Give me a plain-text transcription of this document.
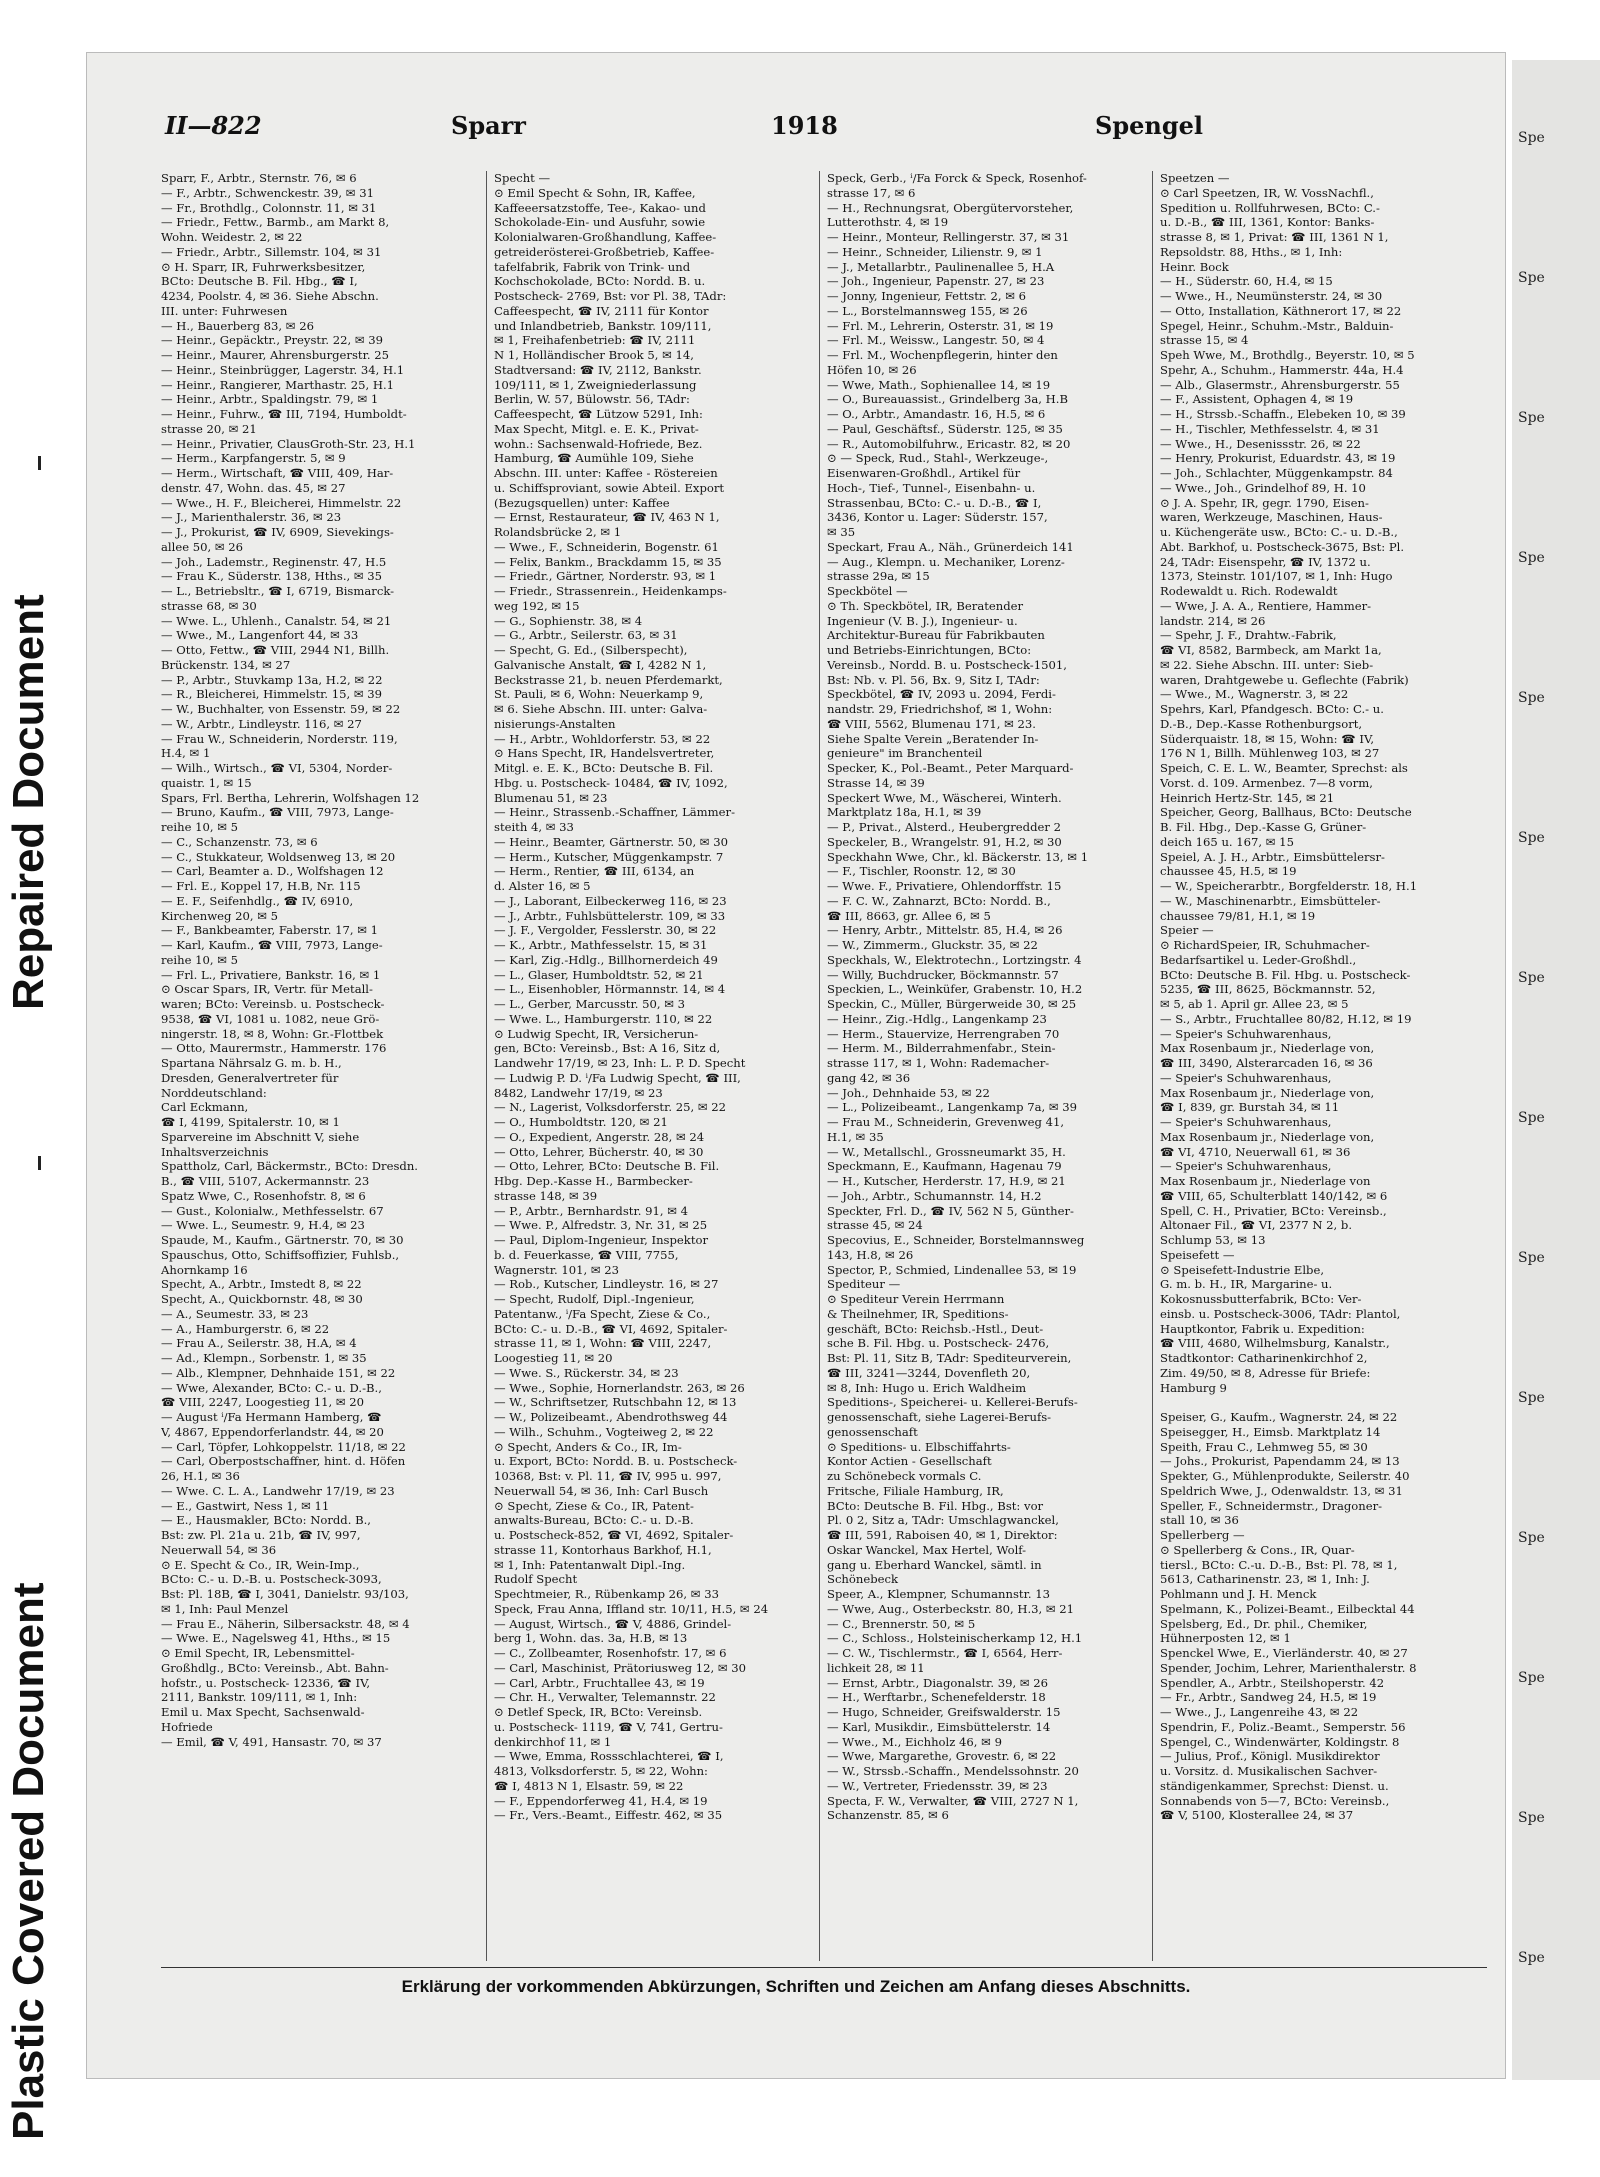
Repaired Document
Plastic Covered Document
Spe
Spe
Spe
Spe
Spe
Spe
Spe
Spe
Spe
Spe
Spe
Spe
Spe
Spe
II—822	Sparr	1918	Spengel
Sparr, F., Arbtr., Sternstr. 76, ✉ 6
— F., Arbtr., Schwenckestr. 39, ✉ 31
— Fr., Brothdlg., Colonnstr. 11, ✉ 31
— Friedr., Fettw., Barmb., am Markt 8,
Wohn. Weidestr. 2, ✉ 22
— Friedr., Arbtr., Sillemstr. 104, ✉ 31
⊙ H. Sparr, IR, Fuhrwerksbesitzer,
BCto: Deutsche B. Fil. Hbg., ☎ I,
4234, Poolstr. 4, ✉ 36. Siehe Abschn.
III. unter: Fuhrwesen
— H., Bauerberg 83, ✉ 26
— Heinr., Gepäcktr., Preystr. 22, ✉ 39
— Heinr., Maurer, Ahrensburgerstr. 25
— Heinr., Steinbrügger, Lagerstr. 34, H.1
— Heinr., Rangierer, Marthastr. 25, H.1
— Heinr., Arbtr., Spaldingstr. 79, ✉ 1
— Heinr., Fuhrw., ☎ III, 7194, Humboldt-
strasse 20, ✉ 21
— Heinr., Privatier, ClausGroth-Str. 23, H.1
— Herm., Karpfangerstr. 5, ✉ 9
— Herm., Wirtschaft, ☎ VIII, 409, Har-
denstr. 47, Wohn. das. 45, ✉ 27
— Wwe., H. F., Bleicherei, Himmelstr. 22
— J., Marienthalerstr. 36, ✉ 23
— J., Prokurist, ☎ IV, 6909, Sievekings-
allee 50, ✉ 26
— Joh., Lademstr., Reginenstr. 47, H.5
— Frau K., Süderstr. 138, Hths., ✉ 35
— L., Betriebsltr., ☎ I, 6719, Bismarck-
strasse 68, ✉ 30
— Wwe. L., Uhlenh., Canalstr. 54, ✉ 21
— Wwe., M., Langenfort 44, ✉ 33
— Otto, Fettw., ☎ VIII, 2944 N1, Billh.
Brückenstr. 134, ✉ 27
— P., Arbtr., Stuvkamp 13a, H.2, ✉ 22
— R., Bleicherei, Himmelstr. 15, ✉ 39
— W., Buchhalter, von Essenstr. 59, ✉ 22
— W., Arbtr., Lindleystr. 116, ✉ 27
— Frau W., Schneiderin, Norderstr. 119,
H.4, ✉ 1
— Wilh., Wirtsch., ☎ VI, 5304, Norder-
quaistr. 1, ✉ 15
Spars, Frl. Bertha, Lehrerin, Wolfshagen 12
— Bruno, Kaufm., ☎ VIII, 7973, Lange-
reihe 10, ✉ 5
— C., Schanzenstr. 73, ✉ 6
— C., Stukkateur, Woldsenweg 13, ✉ 20
— Carl, Beamter a. D., Wolfshagen 12
— Frl. E., Koppel 17, H.B, Nr. 115
— E. F., Seifenhdlg., ☎ IV, 6910,
Kirchenweg 20, ✉ 5
— F., Bankbeamter, Faberstr. 17, ✉ 1
— Karl, Kaufm., ☎ VIII, 7973, Lange-
reihe 10, ✉ 5
— Frl. L., Privatiere, Bankstr. 16, ✉ 1
⊙ Oscar Spars, IR, Vertr. für Metall-
waren; BCto: Vereinsb. u. Postscheck-
9538, ☎ VI, 1081 u. 1082, neue Grö-
ningerstr. 18, ✉ 8, Wohn: Gr.-Flottbek
— Otto, Maurermstr., Hammerstr. 176
Spartana Nährsalz G. m. b. H.,
Dresden, Generalvertreter für
Norddeutschland:
Carl Eckmann,
☎ I, 4199, Spitalerstr. 10, ✉ 1
Sparvereine im Abschnitt V, siehe
Inhaltsverzeichnis
Spattholz, Carl, Bäckermstr., BCto: Dresdn.
B., ☎ VIII, 5107, Ackermannstr. 23
Spatz Wwe, C., Rosenhofstr. 8, ✉ 6
— Gust., Kolonialw., Methfesselstr. 67
— Wwe. L., Seumestr. 9, H.4, ✉ 23
Spaude, M., Kaufm., Gärtnerstr. 70, ✉ 30
Spauschus, Otto, Schiffsoffizier, Fuhlsb.,
Ahornkamp 16
Specht, A., Arbtr., Imstedt 8, ✉ 22
Specht, A., Quickbornstr. 48, ✉ 30
— A., Seumestr. 33, ✉ 23
— A., Hamburgerstr. 6, ✉ 22
— Frau A., Seilerstr. 38, H.A, ✉ 4
— Ad., Klempn., Sorbenstr. 1, ✉ 35
— Alb., Klempner, Dehnhaide 151, ✉ 22
— Wwe, Alexander, BCto: C.- u. D.-B.,
☎ VIII, 2247, Loogestieg 11, ✉ 20
— August ⁱ/Fa Hermann Hamberg, ☎
V, 4867, Eppendorferlandstr. 44, ✉ 20
— Carl, Töpfer, Lohkoppelstr. 11/18, ✉ 22
— Carl, Oberpostschaffner, hint. d. Höfen
26, H.1, ✉ 36
— Wwe. C. L. A., Landwehr 17/19, ✉ 23
— E., Gastwirt, Ness 1, ✉ 11
— E., Hausmakler, BCto: Nordd. B.,
Bst: zw. Pl. 21a u. 21b, ☎ IV, 997,
Neuerwall 54, ✉ 36
⊙ E. Specht & Co., IR, Wein-Imp.,
BCto: C.- u. D.-B. u. Postscheck-3093,
Bst: Pl. 18B, ☎ I, 3041, Danielstr. 93/103,
✉ 1, Inh: Paul Menzel
— Frau E., Näherin, Silbersackstr. 48, ✉ 4
— Wwe. E., Nagelsweg 41, Hths., ✉ 15
⊙ Emil Specht, IR, Lebensmittel-
Großhdlg., BCto: Vereinsb., Abt. Bahn-
hofstr., u. Postscheck- 12336, ☎ IV,
2111, Bankstr. 109/111, ✉ 1, Inh:
Emil u. Max Specht, Sachsenwald-
Hofriede
— Emil, ☎ V, 491, Hansastr. 70, ✉ 37
Specht —
⊙ Emil Specht & Sohn, IR, Kaffee,
Kaffeeersatzstoffe, Tee-, Kakao- und
Schokolade-Ein- und Ausfuhr, sowie
Kolonialwaren-Großhandlung, Kaffee-
getreiderösterei-Großbetrieb, Kaffee-
tafelfabrik, Fabrik von Trink- und
Kochschokolade, BCto: Nordd. B. u.
Postscheck- 2769, Bst: vor Pl. 38, TAdr:
Caffeespecht, ☎ IV, 2111 für Kontor
und Inlandbetrieb, Bankstr. 109/111,
✉ 1, Freihafenbetrieb: ☎ IV, 2111
N 1, Holländischer Brook 5, ✉ 14,
Stadtversand: ☎ IV, 2112, Bankstr.
109/111, ✉ 1, Zweigniederlassung
Berlin, W. 57, Bülowstr. 56, TAdr:
Caffeespecht, ☎ Lützow 5291, Inh:
Max Specht, Mitgl. e. E. K., Privat-
wohn.: Sachsenwald-Hofriede, Bez.
Hamburg, ☎ Aumühle 109, Siehe
Abschn. III. unter: Kaffee - Röstereien
u. Schiffsproviant, sowie Abteil. Export
(Bezugsquellen) unter: Kaffee
— Ernst, Restaurateur, ☎ IV, 463 N 1,
Rolandsbrücke 2, ✉ 1
— Wwe., F., Schneiderin, Bogenstr. 61
— Felix, Bankm., Brackdamm 15, ✉ 35
— Friedr., Gärtner, Norderstr. 93, ✉ 1
— Friedr., Strassenrein., Heidenkamps-
weg 192, ✉ 15
— G., Sophienstr. 38, ✉ 4
— G., Arbtr., Seilerstr. 63, ✉ 31
— Specht, G. Ed., (Silberspecht),
Galvanische Anstalt, ☎ I, 4282 N 1,
Beckstrasse 21, b. neuen Pferdemarkt,
St. Pauli, ✉ 6, Wohn: Neuerkamp 9,
✉ 6. Siehe Abschn. III. unter: Galva-
nisierungs-Anstalten
— H., Arbtr., Wohldorferstr. 53, ✉ 22
⊙ Hans Specht, IR, Handelsvertreter,
Mitgl. e. E. K., BCto: Deutsche B. Fil.
Hbg. u. Postscheck- 10484, ☎ IV, 1092,
Blumenau 51, ✉ 23
— Heinr., Strassenb.-Schaffner, Lämmer-
steith 4, ✉ 33
— Heinr., Beamter, Gärtnerstr. 50, ✉ 30
— Herm., Kutscher, Müggenkampstr. 7
— Herm., Rentier, ☎ III, 6134, an
d. Alster 16, ✉ 5
— J., Laborant, Eilbeckerweg 116, ✉ 23
— J., Arbtr., Fuhlsbüttelerstr. 109, ✉ 33
— J. F., Vergolder, Fesslerstr. 30, ✉ 22
— K., Arbtr., Mathfesselstr. 15, ✉ 31
— Karl, Zig.-Hdlg., Billhornerdeich 49
— L., Glaser, Humboldtstr. 52, ✉ 21
— L., Eisenhobler, Hörmannstr. 14, ✉ 4
— L., Gerber, Marcusstr. 50, ✉ 3
— Wwe. L., Hamburgerstr. 110, ✉ 22
⊙ Ludwig Specht, IR, Versicherun-
gen, BCto: Vereinsb., Bst: A 16, Sitz d,
Landwehr 17/19, ✉ 23, Inh: L. P. D. Specht
— Ludwig P. D. ⁱ/Fa Ludwig Specht, ☎ III,
8482, Landwehr 17/19, ✉ 23
— N., Lagerist, Volksdorferstr. 25, ✉ 22
— O., Humboldtstr. 120, ✉ 21
— O., Expedient, Angerstr. 28, ✉ 24
— Otto, Lehrer, Bücherstr. 40, ✉ 30
— Otto, Lehrer, BCto: Deutsche B. Fil.
Hbg. Dep.-Kasse H., Barmbecker-
strasse 148, ✉ 39
— P., Arbtr., Bernhardstr. 91, ✉ 4
— Wwe. P., Alfredstr. 3, Nr. 31, ✉ 25
— Paul, Diplom-Ingenieur, Inspektor
b. d. Feuerkasse, ☎ VIII, 7755,
Wagnerstr. 101, ✉ 23
— Rob., Kutscher, Lindleystr. 16, ✉ 27
— Specht, Rudolf, Dipl.-Ingenieur,
Patentanw., ⁱ/Fa Specht, Ziese & Co.,
BCto: C.- u. D.-B., ☎ VI, 4692, Spitaler-
strasse 11, ✉ 1, Wohn: ☎ VIII, 2247,
Loogestieg 11, ✉ 20
— Wwe. S., Rückerstr. 34, ✉ 23
— Wwe., Sophie, Hornerlandstr. 263, ✉ 26
— W., Schriftsetzer, Rutschbahn 12, ✉ 13
— W., Polizeibeamt., Abendrothsweg 44
— Wilh., Schuhm., Vogteiweg 2, ✉ 22
⊙ Specht, Anders & Co., IR, Im-
u. Export, BCto: Nordd. B. u. Postscheck-
10368, Bst: v. Pl. 11, ☎ IV, 995 u. 997,
Neuerwall 54, ✉ 36, Inh: Carl Busch
⊙ Specht, Ziese & Co., IR, Patent-
anwalts-Bureau, BCto: C.- u. D.-B.
u. Postscheck-852, ☎ VI, 4692, Spitaler-
strasse 11, Kontorhaus Barkhof, H.1,
✉ 1, Inh: Patentanwalt Dipl.-Ing.
Rudolf Specht
Spechtmeier, R., Rübenkamp 26, ✉ 33
Speck, Frau Anna, Iffland str. 10/11, H.5, ✉ 24
— August, Wirtsch., ☎ V, 4886, Grindel-
berg 1, Wohn. das. 3a, H.B, ✉ 13
— C., Zollbeamter, Rosenhofstr. 17, ✉ 6
— Carl, Maschinist, Prätoriusweg 12, ✉ 30
— Carl, Arbtr., Fruchtallee 43, ✉ 19
— Chr. H., Verwalter, Telemannstr. 22
⊙ Detlef Speck, IR, BCto: Vereinsb.
u. Postscheck- 1119, ☎ V, 741, Gertru-
denkirchhof 11, ✉ 1
— Wwe, Emma, Rossschlachterei, ☎ I,
4813, Volksdorferstr. 5, ✉ 22, Wohn:
☎ I, 4813 N 1, Elsastr. 59, ✉ 22
— F., Eppendorferweg 41, H.4, ✉ 19
— Fr., Vers.-Beamt., Eiffestr. 462, ✉ 35
Speck, Gerb., ⁱ/Fa Forck & Speck, Rosenhof-
strasse 17, ✉ 6
— H., Rechnungsrat, Obergütervorsteher,
Lutterothstr. 4, ✉ 19
— Heinr., Monteur, Rellingerstr. 37, ✉ 31
— Heinr., Schneider, Lilienstr. 9, ✉ 1
— J., Metallarbtr., Paulinenallee 5, H.A
— Joh., Ingenieur, Papenstr. 27, ✉ 23
— Jonny, Ingenieur, Fettstr. 2, ✉ 6
— L., Borstelmannsweg 155, ✉ 26
— Frl. M., Lehrerin, Osterstr. 31, ✉ 19
— Frl. M., Weissw., Langestr. 50, ✉ 4
— Frl. M., Wochenpflegerin, hinter den
Höfen 10, ✉ 26
— Wwe, Math., Sophienallee 14, ✉ 19
— O., Bureauassist., Grindelberg 3a, H.B
— O., Arbtr., Amandastr. 16, H.5, ✉ 6
— Paul, Geschäftsf., Süderstr. 125, ✉ 35
— R., Automobilfuhrw., Ericastr. 82, ✉ 20
⊙ — Speck, Rud., Stahl-, Werkzeuge-,
Eisenwaren-Großhdl., Artikel für
Hoch-, Tief-, Tunnel-, Eisenbahn- u.
Strassenbau, BCto: C.- u. D.-B., ☎ I,
3436, Kontor u. Lager: Süderstr. 157,
✉ 35
Speckart, Frau A., Näh., Grünerdeich 141
— Aug., Klempn. u. Mechaniker, Lorenz-
strasse 29a, ✉ 15
Speckbötel —
⊙ Th. Speckbötel, IR, Beratender
Ingenieur (V. B. J.), Ingenieur- u.
Architektur-Bureau für Fabrikbauten
und Betriebs-Einrichtungen, BCto:
Vereinsb., Nordd. B. u. Postscheck-1501,
Bst: Nb. v. Pl. 56, Bx. 9, Sitz I, TAdr:
Speckbötel, ☎ IV, 2093 u. 2094, Ferdi-
nandstr. 29, Friedrichshof, ✉ 1, Wohn:
☎ VIII, 5562, Blumenau 171, ✉ 23.
Siehe Spalte Verein „Beratender In-
genieure" im Branchenteil
Specker, K., Pol.-Beamt., Peter Marquard-
Strasse 14, ✉ 39
Speckert Wwe, M., Wäscherei, Winterh.
Marktplatz 18a, H.1, ✉ 39
— P., Privat., Alsterd., Heubergredder 2
Speckeler, B., Wrangelstr. 91, H.2, ✉ 30
Speckhahn Wwe, Chr., kl. Bäckerstr. 13, ✉ 1
— F., Tischler, Roonstr. 12, ✉ 30
— Wwe. F., Privatiere, Ohlendorffstr. 15
— F. C. W., Zahnarzt, BCto: Nordd. B.,
☎ III, 8663, gr. Allee 6, ✉ 5
— Henry, Arbtr., Mittelstr. 85, H.4, ✉ 26
— W., Zimmerm., Gluckstr. 35, ✉ 22
Speckhals, W., Elektrotechn., Lortzingstr. 4
— Willy, Buchdrucker, Böckmannstr. 57
Speckien, L., Weinküfer, Grabenstr. 10, H.2
Speckin, C., Müller, Bürgerweide 30, ✉ 25
— Heinr., Zig.-Hdlg., Langenkamp 23
— Herm., Stauervize, Herrengraben 70
— Herm. M., Bilderrahmenfabr., Stein-
strasse 117, ✉ 1, Wohn: Rademacher-
gang 42, ✉ 36
— Joh., Dehnhaide 53, ✉ 22
— L., Polizeibeamt., Langenkamp 7a, ✉ 39
— Frau M., Schneiderin, Grevenweg 41,
H.1, ✉ 35
— W., Metallschl., Grossneumarkt 35, H.
Speckmann, E., Kaufmann, Hagenau 79
— H., Kutscher, Herderstr. 17, H.9, ✉ 21
— Joh., Arbtr., Schumannstr. 14, H.2
Speckter, Frl. D., ☎ IV, 562 N 5, Günther-
strasse 45, ✉ 24
Specovius, E., Schneider, Borstelmannsweg
143, H.8, ✉ 26
Spector, P., Schmied, Lindenallee 53, ✉ 19
Spediteur —
⊙ Spediteur Verein Herrmann
& Theilnehmer, IR, Speditions-
geschäft, BCto: Reichsb.-Hstl., Deut-
sche B. Fil. Hbg. u. Postscheck- 2476,
Bst: Pl. 11, Sitz B, TAdr: Spediteurverein,
☎ III, 3241—3244, Dovenfleth 20,
✉ 8, Inh: Hugo u. Erich Waldheim
Speditions-, Speicherei- u. Kellerei-Berufs-
genossenschaft, siehe Lagerei-Berufs-
genossenschaft
⊙ Speditions- u. Elbschiffahrts-
Kontor Actien - Gesellschaft
zu Schönebeck vormals C.
Fritsche, Filiale Hamburg, IR,
BCto: Deutsche B. Fil. Hbg., Bst: vor
Pl. 0 2, Sitz a, TAdr: Umschlagwanckel,
☎ III, 591, Raboisen 40, ✉ 1, Direktor:
Oskar Wanckel, Max Hertel, Wolf-
gang u. Eberhard Wanckel, sämtl. in
Schönebeck
Speer, A., Klempner, Schumannstr. 13
— Wwe, Aug., Osterbeckstr. 80, H.3, ✉ 21
— C., Brennerstr. 50, ✉ 5
— C., Schloss., Holsteinischerkamp 12, H.1
— C. W., Tischlermstr., ☎ I, 6564, Herr-
lichkeit 28, ✉ 11
— Ernst, Arbtr., Diagonalstr. 39, ✉ 26
— H., Werftarbr., Schenefelderstr. 18
— Hugo, Schneider, Greifswalderstr. 15
— Karl, Musikdir., Eimsbüttelerstr. 14
— Wwe., M., Eichholz 46, ✉ 9
— Wwe, Margarethe, Grovestr. 6, ✉ 22
— W., Strssb.-Schaffn., Mendelssohnstr. 20
— W., Vertreter, Friedensstr. 39, ✉ 23
Specta, F. W., Verwalter, ☎ VIII, 2727 N 1,
Schanzenstr. 85, ✉ 6
Speetzen —
⊙ Carl Speetzen, IR, W. VossNachfl.,
Spedition u. Rollfuhrwesen, BCto: C.-
u. D.-B., ☎ III, 1361, Kontor: Banks-
strasse 8, ✉ 1, Privat: ☎ III, 1361 N 1,
Repsoldstr. 88, Hths., ✉ 1, Inh:
Heinr. Bock
— H., Süderstr. 60, H.4, ✉ 15
— Wwe., H., Neumünsterstr. 24, ✉ 30
— Otto, Installation, Käthnerort 17, ✉ 22
Spegel, Heinr., Schuhm.-Mstr., Balduin-
strasse 15, ✉ 4
Speh Wwe, M., Brothdlg., Beyerstr. 10, ✉ 5
Spehr, A., Schuhm., Hammerstr. 44a, H.4
— Alb., Glasermstr., Ahrensburgerstr. 55
— F., Assistent, Ophagen 4, ✉ 19
— H., Strssb.-Schaffn., Elebeken 10, ✉ 39
— H., Tischler, Methfesselstr. 4, ✉ 31
— Wwe., H., Desenissstr. 26, ✉ 22
— Henry, Prokurist, Eduardstr. 43, ✉ 19
— Joh., Schlachter, Müggenkampstr. 84
— Wwe., Joh., Grindelhof 89, H. 10
⊙ J. A. Spehr, IR, gegr. 1790, Eisen-
waren, Werkzeuge, Maschinen, Haus-
u. Küchengeräte usw., BCto: C.- u. D.-B.,
Abt. Barkhof, u. Postscheck-3675, Bst: Pl.
24, TAdr: Eisenspehr, ☎ IV, 1372 u.
1373, Steinstr. 101/107, ✉ 1, Inh: Hugo
Rodewaldt u. Rich. Rodewaldt
— Wwe, J. A. A., Rentiere, Hammer-
landstr. 214, ✉ 26
— Spehr, J. F., Drahtw.-Fabrik,
☎ VI, 8582, Barmbeck, am Markt 1a,
✉ 22. Siehe Abschn. III. unter: Sieb-
waren, Drahtgewebe u. Geflechte (Fabrik)
— Wwe., M., Wagnerstr. 3, ✉ 22
Spehrs, Karl, Pfandgesch. BCto: C.- u.
D.-B., Dep.-Kasse Rothenburgsort,
Süderquaistr. 18, ✉ 15, Wohn: ☎ IV,
176 N 1, Billh. Mühlenweg 103, ✉ 27
Speich, C. E. L. W., Beamter, Sprechst: als
Vorst. d. 109. Armenbez. 7—8 vorm,
Heinrich Hertz-Str. 145, ✉ 21
Speicher, Georg, Ballhaus, BCto: Deutsche
B. Fil. Hbg., Dep.-Kasse G, Grüner-
deich 165 u. 167, ✉ 15
Speiel, A. J. H., Arbtr., Eimsbüttelersr-
chaussee 45, H.5, ✉ 19
— W., Speicherarbtr., Borgfelderstr. 18, H.1
— W., Maschinenarbtr., Eimsbütteler-
chaussee 79/81, H.1, ✉ 19
Speier —
⊙ RichardSpeier, IR, Schuhmacher-
Bedarfsartikel u. Leder-Großhdl.,
BCto: Deutsche B. Fil. Hbg. u. Postscheck-
5235, ☎ III, 8625, Böckmannstr. 52,
✉ 5, ab 1. April gr. Allee 23, ✉ 5
— S., Arbtr., Fruchtallee 80/82, H.12, ✉ 19
— Speier's Schuhwarenhaus,
Max Rosenbaum jr., Niederlage von,
☎ III, 3490, Alsterarcaden 16, ✉ 36
— Speier's Schuhwarenhaus,
Max Rosenbaum jr., Niederlage von,
☎ I, 839, gr. Burstah 34, ✉ 11
— Speier's Schuhwarenhaus,
Max Rosenbaum jr., Niederlage von,
☎ VI, 4710, Neuerwall 61, ✉ 36
— Speier's Schuhwarenhaus,
Max Rosenbaum jr., Niederlage von
☎ VIII, 65, Schulterblatt 140/142, ✉ 6
Spell, C. H., Privatier, BCto: Vereinsb.,
Altonaer Fil., ☎ VI, 2377 N 2, b.
Schlump 53, ✉ 13
Speisefett —
⊙ Speisefett-Industrie Elbe,
G. m. b. H., IR, Margarine- u.
Kokosnussbutterfabrik, BCto: Ver-
einsb. u. Postscheck-3006, TAdr: Plantol,
Hauptkontor, Fabrik u. Expedition:
☎ VIII, 4680, Wilhelmsburg, Kanalstr.,
Stadtkontor: Catharinenkirchhof 2,
Zim. 49/50, ✉ 8, Adresse für Briefe:
Hamburg 9

Speiser, G., Kaufm., Wagnerstr. 24, ✉ 22
Speisegger, H., Eimsb. Marktplatz 14
Speith, Frau C., Lehmweg 55, ✉ 30
— Johs., Prokurist, Papendamm 24, ✉ 13
Spekter, G., Mühlenprodukte, Seilerstr. 40
Speldrich Wwe, J., Odenwaldstr. 13, ✉ 31
Speller, F., Schneidermstr., Dragoner-
stall 10, ✉ 36
Spellerberg —
⊙ Spellerberg & Cons., IR, Quar-
tiersl., BCto: C.-u. D.-B., Bst: Pl. 78, ✉ 1,
5613, Catharinenstr. 23, ✉ 1, Inh: J.
Pohlmann und J. H. Menck
Spelmann, K., Polizei-Beamt., Eilbecktal 44
Spelsberg, Ed., Dr. phil., Chemiker,
Hühnerposten 12, ✉ 1
Spenckel Wwe, E., Vierländerstr. 40, ✉ 27
Spender, Jochim, Lehrer, Marienthalerstr. 8
Spendler, A., Arbtr., Steilshoperstr. 42
— Fr., Arbtr., Sandweg 24, H.5, ✉ 19
— Wwe., J., Langenreihe 43, ✉ 22
Spendrin, F., Poliz.-Beamt., Semperstr. 56
Spengel, C., Windenwärter, Koldingstr. 8
— Julius, Prof., Königl. Musikdirektor
u. Vorsitz. d. Musikalischen Sachver-
ständigenkammer, Sprechst: Dienst. u.
Sonnabends von 5—7, BCto: Vereinsb.,
☎ V, 5100, Klosterallee 24, ✉ 37
Erklärung der vorkommenden Abkürzungen, Schriften und Zeichen am Anfang dieses Abschnitts.
